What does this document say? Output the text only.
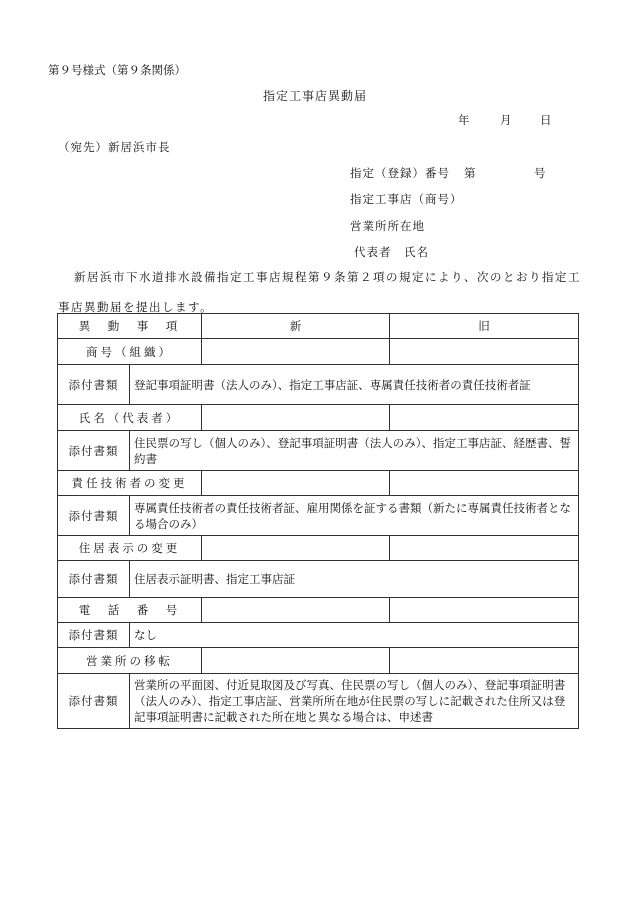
第９号様式（第９条関係）
指定工事店異動届
年	月 日
（宛先）新居浜市長
指定（登録）番号 第	号
指定工事店（商号）
営業所所在地
代表者　氏名
新居浜市下水道排水設備指定工事店規程第９条第２項の規定により、次のとおり指定工事店異動届を提出します。
異　動　事　項		新	旧
商号（組織）			
添付書類	登記事項証明書（法人のみ）、指定工事店証、専属責任技術者の責任技術者証		
氏名（代表者）			
添付書類	住民票の写し（個人のみ）、登記事項証明書（法人のみ）、指定工事店証、経歴書、誓約書		
責任技術者の変更			
添付書類	専属責任技術者の責任技術者証、雇用関係を証する書類（新たに専属責任技術者となる場合のみ）		
住居表示の変更			
添付書類	住居表示証明書、指定工事店証		
電　話　番　号			
添付書類	なし		
営業所の移転			
添付書類	営業所の平面図、付近見取図及び写真、住民票の写し（個人のみ）、登記事項証明書（法人のみ）、指定工事店証、営業所所在地が住民票の写しに記載された住所又は登記事項証明書に記載された所在地と異なる場合は、申述書		
